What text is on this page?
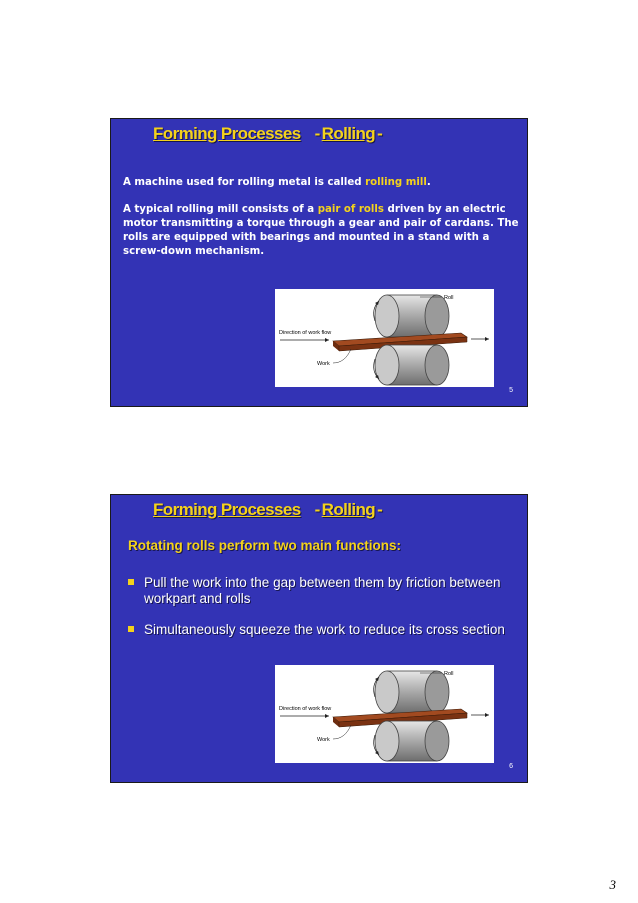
Forming Processes - Rolling -

A machine used for rolling metal is called rolling mill.

A typical rolling mill consists of a pair of rolls driven by an electric motor transmitting a torque through a gear and pair of cardans. The rolls are equipped with bearings and mounted in a stand with a screw-down mechanism.

Roll
Direction of work flow
Work
5
Forming Processes - Rolling -
Rotating rolls perform two main functions:
Pull the work into the gap between them by friction between workpart and rolls
Simultaneously squeeze the work to reduce its cross section
Roll
Direction of work flow
Work
6
3
